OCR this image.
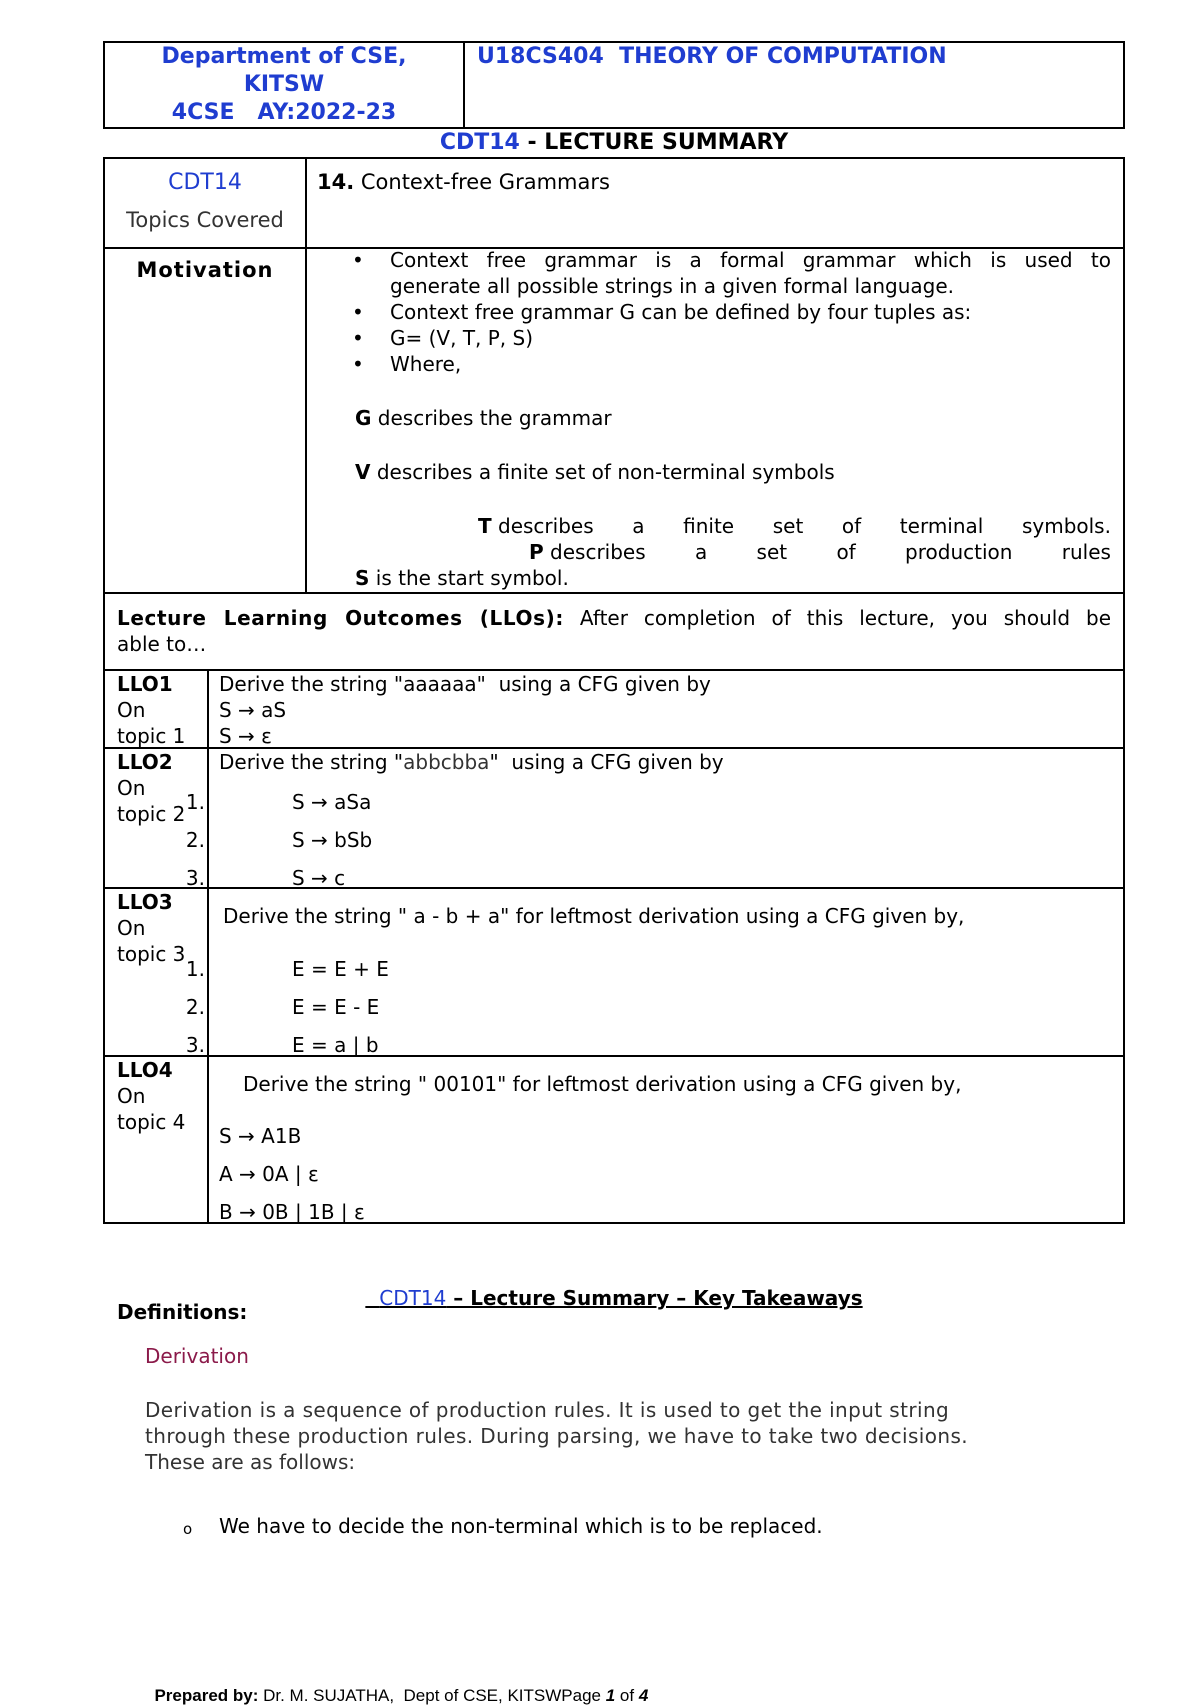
Department of CSE,
KITSW
4CSE   AY:2022-23
U18CS404  THEORY OF COMPUTATION
CDT14 - LECTURE SUMMARY
CDT14
Topics Covered
14. Context-free Grammars
Motivation	• Context  free  grammar  is  a  formal  grammar  which  is  used  to
generate all possible strings in a given formal language.
• Context free grammar G can be defined by four tuples as:
• G= (V, T, P, S)
• Where,
G describes the grammar
V describes a finite set of non-terminal symbols
T describes a finite set of terminal symbols.
P describes a set of production rules
S is the start symbol.
Lecture Learning Outcomes (LLOs): After completion of this lecture, you should be
able to…
LLO1
On
topic 1
Derive the string "aaaaaa"  using a CFG given by
S → aS
S → ε
LLO2
On
topic 2
Derive the string "abbcbba"  using a CFG given by
1.
2.
3.
S → aSa
S → bSb
S → c
LLO3
On
topic 3
Derive the string " a - b + a" for leftmost derivation using a CFG given by,
1.
2.
3.
E = E + E
E = E - E
E = a | b
LLO4
On
topic 4
Derive the string " 00101" for leftmost derivation using a CFG given by,
S → A1B
A → 0A | ε
B → 0B | 1B | ε

CDT14 – Lecture Summary – Key Takeaways

Definitions:
Derivation
Derivation is a sequence of production rules. It is used to get the input string
through these production rules. During parsing, we have to take two decisions.
These are as follows:
o We have to decide the non-terminal which is to be replaced.

Prepared by: Dr. M. SUJATHA,  Dept of CSE, KITSWPage 1 of 4
